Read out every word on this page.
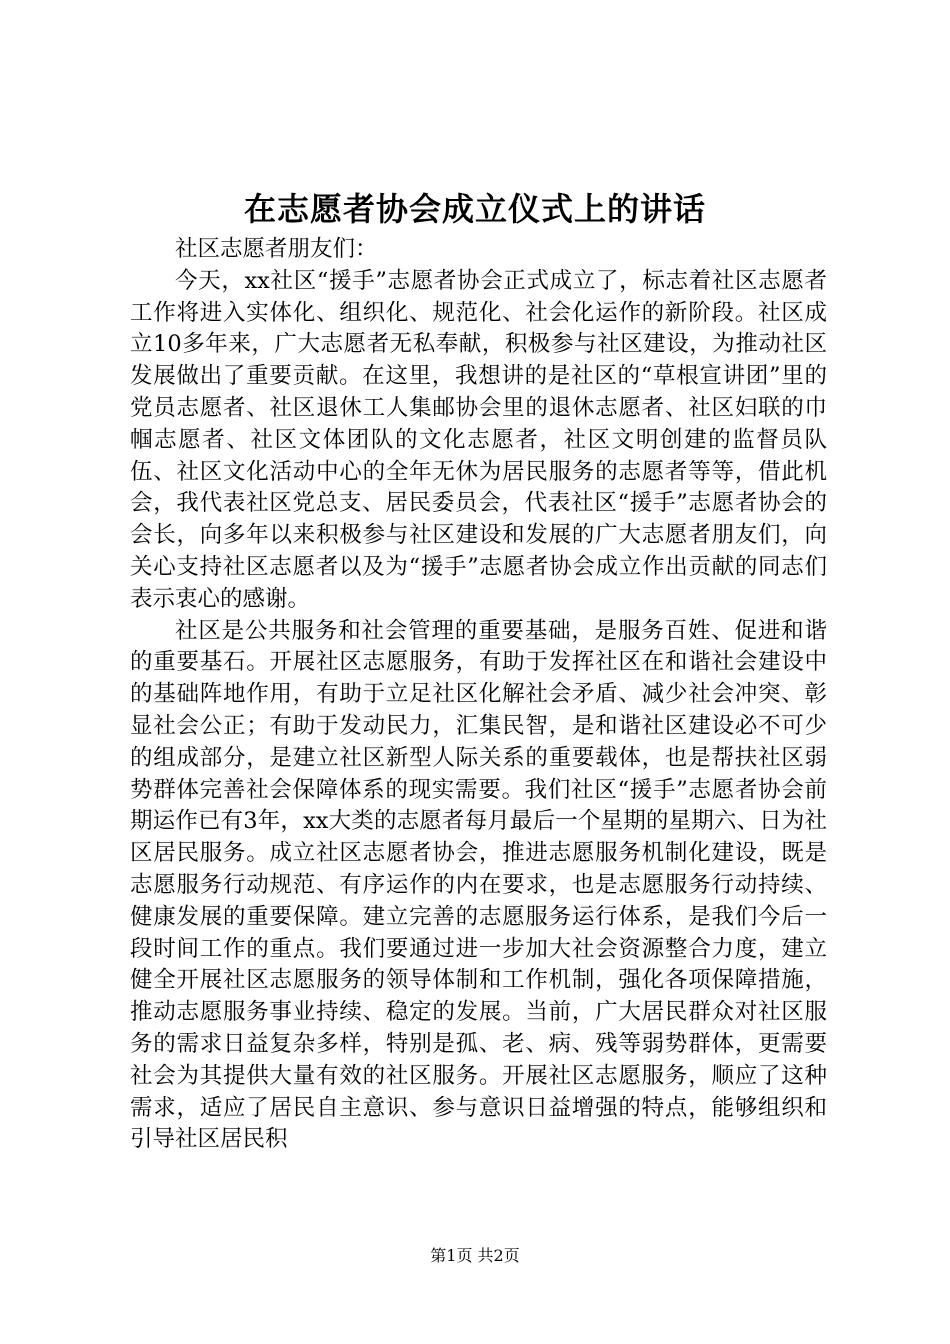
在志愿者协会成立仪式上的讲话

社区志愿者朋友们：

今天，xx社区“援手”志愿者协会正式成立了，标志着社区志愿者工作将进入实体化、组织化、规范化、社会化运作的新阶段。社区成立10多年来，广大志愿者无私奉献，积极参与社区建设，为推动社区发展做出了重要贡献。在这里，我想讲的是社区的“草根宣讲团”里的党员志愿者、社区退休工人集邮协会里的退休志愿者、社区妇联的巾帼志愿者、社区文体团队的文化志愿者，社区文明创建的监督员队伍、社区文化活动中心的全年无休为居民服务的志愿者等等，借此机会，我代表社区党总支、居民委员会，代表社区“援手”志愿者协会的会长，向多年以来积极参与社区建设和发展的广大志愿者朋友们，向关心支持社区志愿者以及为“援手”志愿者协会成立作出贡献的同志们表示衷心的感谢。

社区是公共服务和社会管理的重要基础，是服务百姓、促进和谐的重要基石。开展社区志愿服务，有助于发挥社区在和谐社会建设中的基础阵地作用，有助于立足社区化解社会矛盾、减少社会冲突、彰显社会公正；有助于发动民力，汇集民智，是和谐社区建设必不可少的组成部分，是建立社区新型人际关系的重要载体，也是帮扶社区弱势群体完善社会保障体系的现实需要。我们社区“援手”志愿者协会前期运作已有3年，xx大类的志愿者每月最后一个星期的星期六、日为社区居民服务。成立社区志愿者协会，推进志愿服务机制化建设，既是志愿服务行动规范、有序运作的内在要求，也是志愿服务行动持续、健康发展的重要保障。建立完善的志愿服务运行体系，是我们今后一段时间工作的重点。我们要通过进一步加大社会资源整合力度，建立健全开展社区志愿服务的领导体制和工作机制，强化各项保障措施，推动志愿服务事业持续、稳定的发展。当前，广大居民群众对社区服务的需求日益复杂多样，特别是孤、老、病、残等弱势群体，更需要社会为其提供大量有效的社区服务。开展社区志愿服务，顺应了这种需求，适应了居民自主意识、参与意识日益增强的特点，能够组织和引导社区居民积

第1页 共2页
